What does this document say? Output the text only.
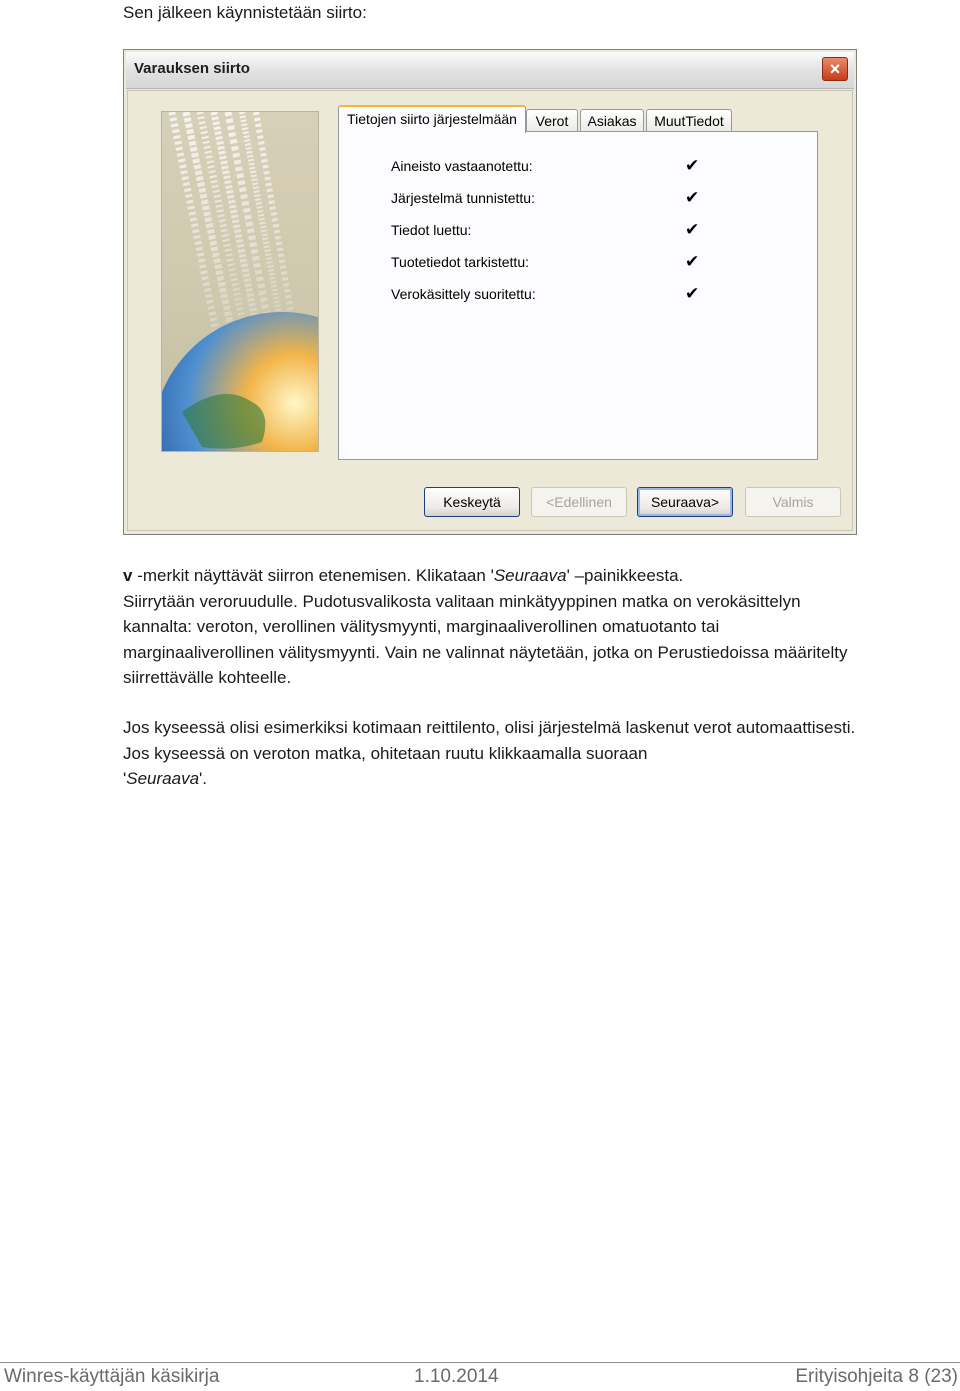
Sen jälkeen käynnistetään siirto:
Varauksen siirto	×
Tietojen siirto järjestelmään	Verot	Asiakas	MuutTiedot
Aineisto vastaanotettu:	✔
Järjestelmä tunnistettu:	✔
Tiedot luettu:	✔
Tuotetiedot tarkistettu:	✔
Verokäsittely suoritettu:	✔
Keskeytä	<Edellinen	Seuraava>	Valmis
v -merkit näyttävät siirron etenemisen. Klikataan 'Seuraava' –painikkeesta.
Siirrytään veroruudulle. Pudotusvalikosta valitaan minkätyyppinen matka on verokäsittelyn
kannalta: veroton, verollinen välitysmyynti, marginaaliverollinen omatuotanto tai
marginaaliverollinen välitysmyynti. Vain ne valinnat näytetään, jotka on Perustiedoissa määritelty
siirrettävälle kohteelle.
Jos kyseessä olisi esimerkiksi kotimaan reittilento, olisi järjestelmä laskenut verot automaattisesti.
Jos kyseessä on veroton matka, ohitetaan ruutu klikkaamalla suoraan
'Seuraava'.
Winres-käyttäjän käsikirja	1.10.2014	Erityisohjeita 8 (23)
